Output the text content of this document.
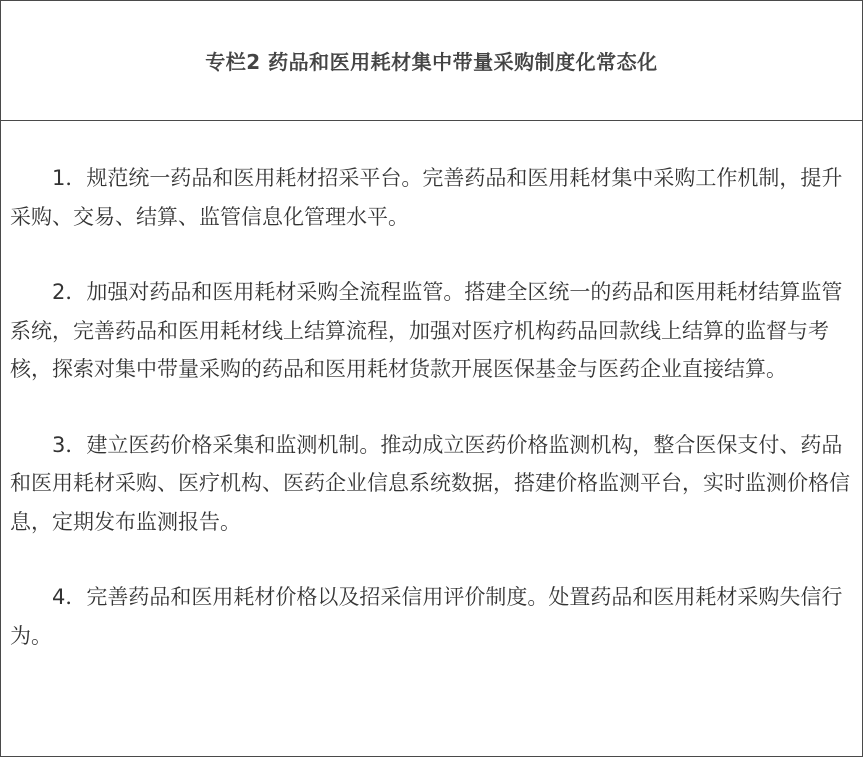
专栏2 药品和医用耗材集中带量采购制度化常态化

1．规范统一药品和医用耗材招采平台。完善药品和医用耗材集中采购工作机制，提升采购、交易、结算、监管信息化管理水平。

2．加强对药品和医用耗材采购全流程监管。搭建全区统一的药品和医用耗材结算监管系统，完善药品和医用耗材线上结算流程，加强对医疗机构药品回款线上结算的监督与考核，探索对集中带量采购的药品和医用耗材货款开展医保基金与医药企业直接结算。

3．建立医药价格采集和监测机制。推动成立医药价格监测机构，整合医保支付、药品和医用耗材采购、医疗机构、医药企业信息系统数据，搭建价格监测平台，实时监测价格信息，定期发布监测报告。

4．完善药品和医用耗材价格以及招采信用评价制度。处置药品和医用耗材采购失信行为。
